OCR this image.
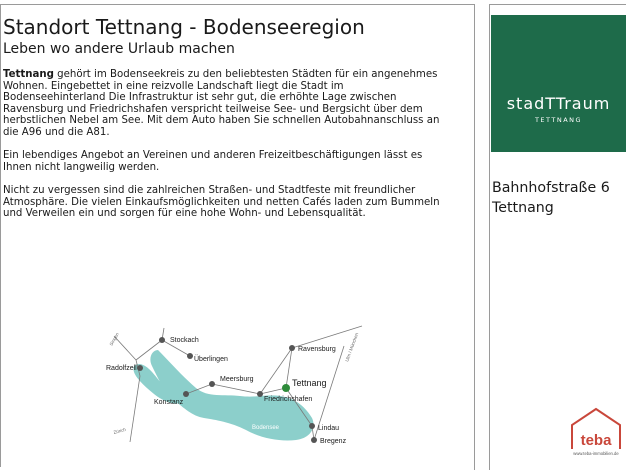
Standort Tettnang - Bodenseeregion
Leben wo andere Urlaub machen

Tettnang gehört im Bodenseekreis zu den beliebtesten Städten für ein angenehmes Wohnen. Eingebettet in eine reizvolle Landschaft liegt die Stadt im Bodenseehinterland Die Infrastruktur ist sehr gut, die erhöhte Lage zwischen Ravensburg und Friedrichshafen verspricht teilweise See- und Bergsicht über dem herbstlichen Nebel am See. Mit dem Auto haben Sie schnellen Autobahnanschluss an die A96 und die A81.

Ein lebendiges Angebot an Vereinen und anderen Freizeitbeschäftigungen lässt es Ihnen nicht langweilig werden.

Nicht zu vergessen sind die zahlreichen Straßen- und Stadtfeste mit freundlicher Atmosphäre. Die vielen Einkaufsmöglichkeiten und netten Cafés laden zum Bummeln und Verweilen ein und sorgen für eine hohe Wohn- und Lebensqualität.

stadTTraum
TETTNANG
Bahnhofstraße 6
Tettnang
Bodensee
Singen
Zürich
Ulm / München
Stockach
Überlingen
Radolfzell
Meersburg
Konstanz	Friedrichshafen
Ravensburg
Lindau
Bregenz
Tettnang
teba
www.teba-immobilien.de
